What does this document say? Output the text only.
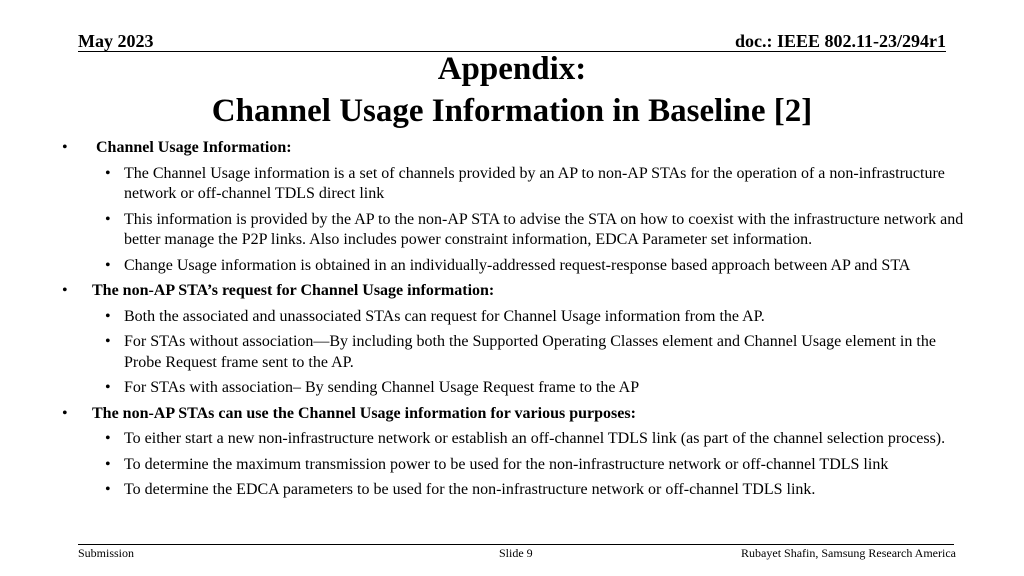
May 2023	doc.: IEEE 802.11-23/294r1
Appendix:
Channel Usage Information in Baseline [2]
• Channel Usage Information:
• The Channel Usage information is a set of channels provided by an AP to non-AP STAs for the operation of a non-infrastructure network or off-channel TDLS direct link
• This information is provided by the AP to the non-AP STA to advise the STA on how to coexist with the infrastructure network and better manage the P2P links. Also includes power constraint information, EDCA Parameter set information.
• Change Usage information is obtained in an individually-addressed request-response based approach between AP and STA
• The non-AP STA’s request for Channel Usage information:
• Both the associated and unassociated STAs can request for Channel Usage information from the AP.
• For STAs without association—By including both the Supported Operating Classes element and Channel Usage element in the Probe Request frame sent to the AP.
• For STAs with association– By sending Channel Usage Request frame to the AP
• The non-AP STAs can use the Channel Usage information for various purposes:
• To either start a new non-infrastructure network or establish an off-channel TDLS link (as part of the channel selection process).
• To determine the maximum transmission power to be used for the non-infrastructure network or off-channel TDLS link
• To determine the EDCA parameters to be used for the non-infrastructure network or off-channel TDLS link.
Submission	Slide 9	Rubayet Shafin, Samsung Research America
